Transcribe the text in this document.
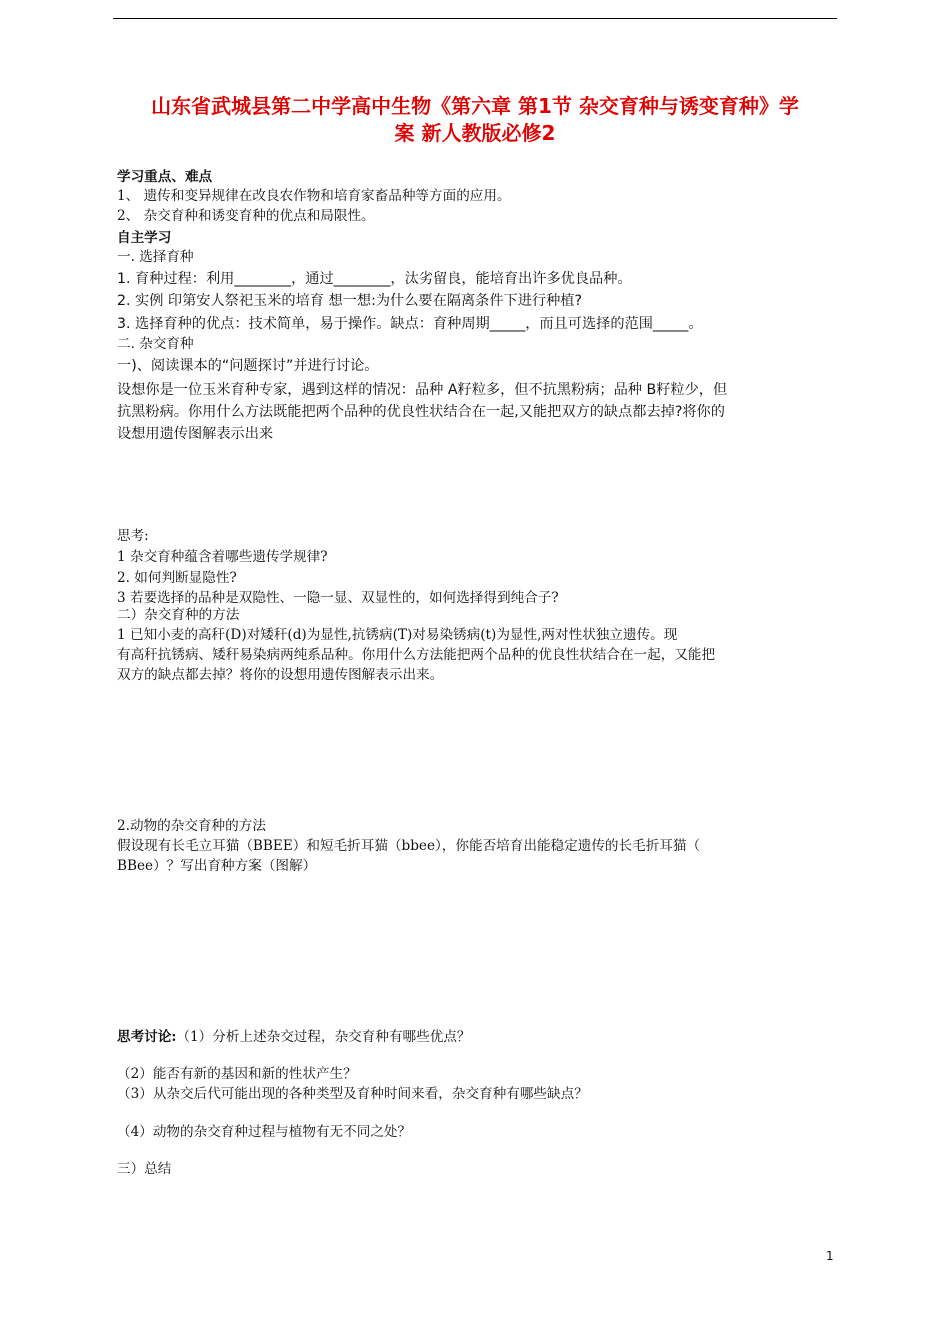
山东省武城县第二中学高中生物《第六章 第1节 杂交育种与诱变育种》学
案 新人教版必修2
学习重点、难点
1、 遗传和变异规律在改良农作物和培育家畜品种等方面的应用。
2、 杂交育种和诱变育种的优点和局限性。
自主学习
一. 选择育种
1. 育种过程：利用________，通过________，汰劣留良，能培育出许多优良品种。
2. 实例 印第安人祭祀玉米的培育 想一想:为什么要在隔离条件下进行种植?
3. 选择育种的优点：技术简单，易于操作。缺点：育种周期_____，而且可选择的范围_____。
二. 杂交育种
一)、阅读课本的“问题探讨”并进行讨论。
设想你是一位玉米育种专家，遇到这样的情况：品种 A籽粒多，但不抗黑粉病；品种 B籽粒少，但
抗黑粉病。你用什么方法既能把两个品种的优良性状结合在一起,又能把双方的缺点都去掉?将你的
设想用遗传图解表示出来
思考:
1 杂交育种蕴含着哪些遗传学规律?
2. 如何判断显隐性?
3 若要选择的品种是双隐性、一隐一显、双显性的，如何选择得到纯合子?
二）杂交育种的方法
1 已知小麦的高秆(D)对矮秆(d)为显性,抗锈病(T)对易染锈病(t)为显性,两对性状独立遗传。现
有高秆抗锈病、矮秆易染病两纯系品种。你用什么方法能把两个品种的优良性状结合在一起，又能把
双方的缺点都去掉？将你的设想用遗传图解表示出来。
2.动物的杂交育种的方法
假设现有长毛立耳猫（BBEE）和短毛折耳猫（bbee），你能否培育出能稳定遗传的长毛折耳猫（
BBee）？写出育种方案（图解）
思考讨论:（1）分析上述杂交过程，杂交育种有哪些优点？
（2）能否有新的基因和新的性状产生？
（3）从杂交后代可能出现的各种类型及育种时间来看，杂交育种有哪些缺点？
（4）动物的杂交育种过程与植物有无不同之处？
三）总结
1
